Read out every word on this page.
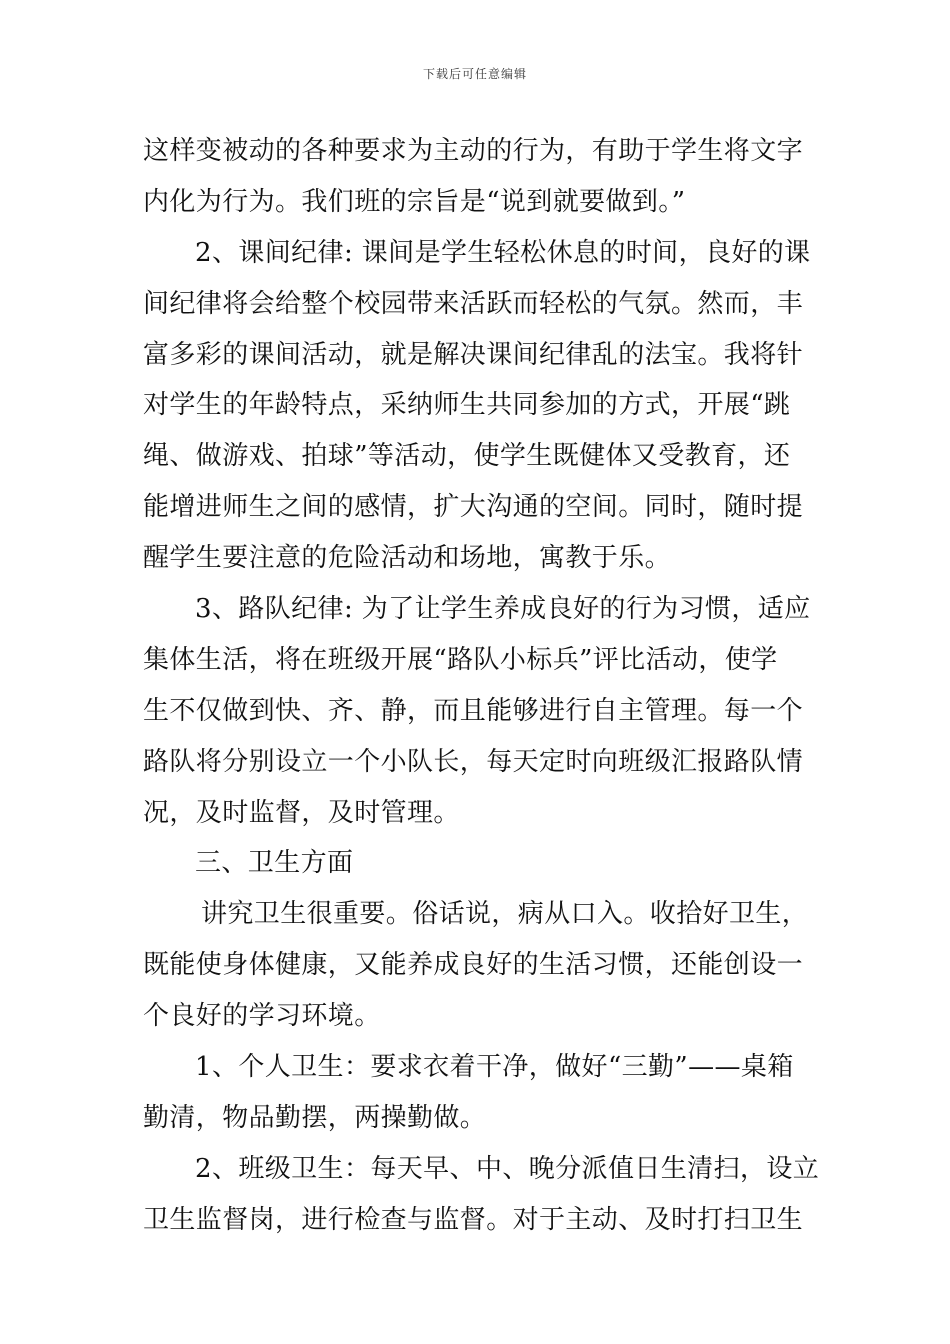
下载后可任意编辑
这样变被动的各种要求为主动的行为，有助于学生将文字
内化为行为。我们班的宗旨是“说到就要做到。”
2、课间纪律: 课间是学生轻松休息的时间，良好的课
间纪律将会给整个校园带来活跃而轻松的气氛。然而，丰
富多彩的课间活动，就是解决课间纪律乱的法宝。我将针
对学生的年龄特点，采纳师生共同参加的方式，开展“跳
绳、做游戏、拍球”等活动，使学生既健体又受教育，还
能增进师生之间的感情，扩大沟通的空间。同时，随时提
醒学生要注意的危险活动和场地，寓教于乐。
3、路队纪律: 为了让学生养成良好的行为习惯，适应
集体生活，将在班级开展“路队小标兵”评比活动，使学
生不仅做到快、齐、静，而且能够进行自主管理。每一个
路队将分别设立一个小队长，每天定时向班级汇报路队情
况，及时监督，及时管理。
三、卫生方面
讲究卫生很重要。俗话说，病从口入。收拾好卫生，
既能使身体健康，又能养成良好的生活习惯，还能创设一
个良好的学习环境。
1、个人卫生：要求衣着干净，做好“三勤”——桌箱
勤清，物品勤摆，两操勤做。
2、班级卫生：每天早、中、晚分派值日生清扫，设立
卫生监督岗，进行检查与监督。对于主动、及时打扫卫生
